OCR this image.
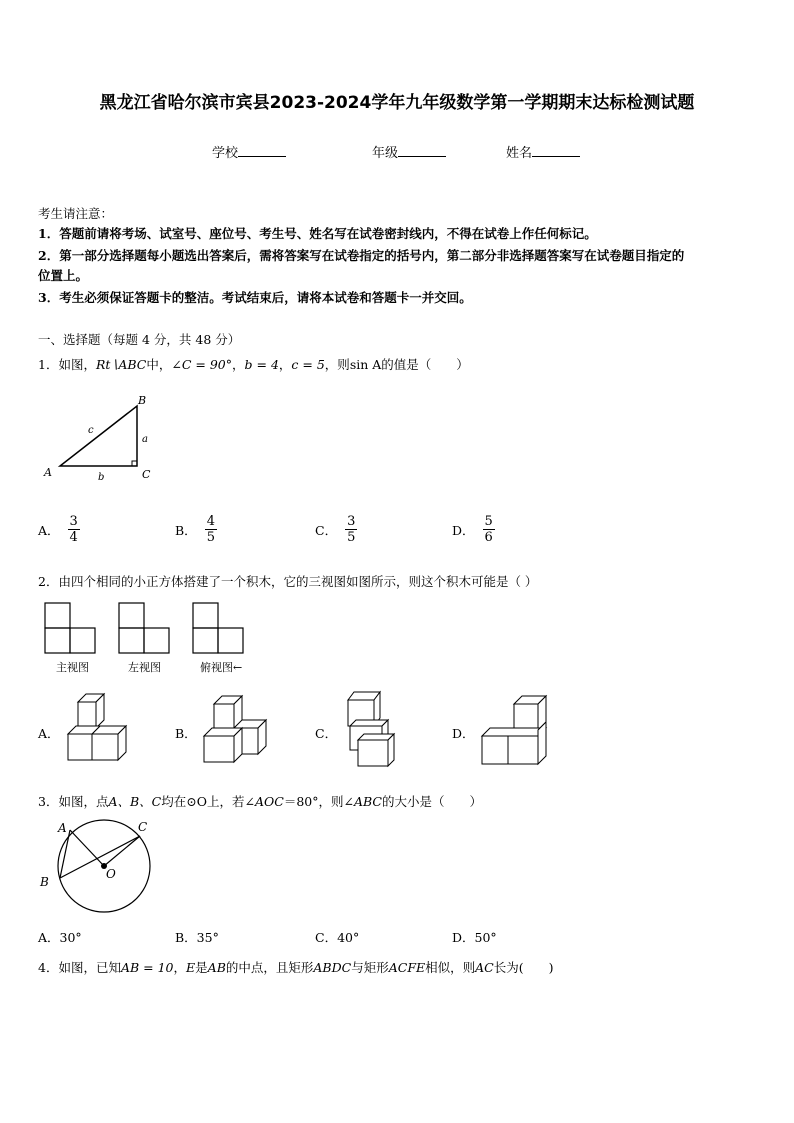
黑龙江省哈尔滨市宾县2023-2024学年九年级数学第一学期期末达标检测试题
学校	年级	姓名
考生请注意：
1．答题前请将考场、试室号、座位号、考生号、姓名写在试卷密封线内，不得在试卷上作任何标记。
2．第一部分选择题每小题选出答案后，需将答案写在试卷指定的括号内，第二部分非选择题答案写在试卷题目指定的
位置上。
3．考生必须保证答题卡的整洁。考试结束后，请将本试卷和答题卡一并交回。
一、选择题（每题 4 分，共 48 分）
1．如图，Rt∖ABC中，∠C = 90°，b = 4，c = 5，则sin A的值是（　　）
A
B
C
a
b
c
A． $\frac{3}{4}$	B． $\frac{4}{5}$	C． $\frac{3}{5}$	D． $\frac{5}{6}$
2．由四个相同的小正方体搭建了一个积木，它的三视图如图所示，则这个积木可能是（ ）
主视图	左视图	俯视图←
A．	B．	C．	D．
3．如图，点A、B、C均在⊙O上，若∠AOC＝80°，则∠ABC的大小是（　　）
A
B
C
O
A．30°	B．35°	C．40°	D．50°
4．如图，已知AB = 10，E是AB的中点，且矩形ABDC与矩形ACFE相似，则AC长为(　　)
